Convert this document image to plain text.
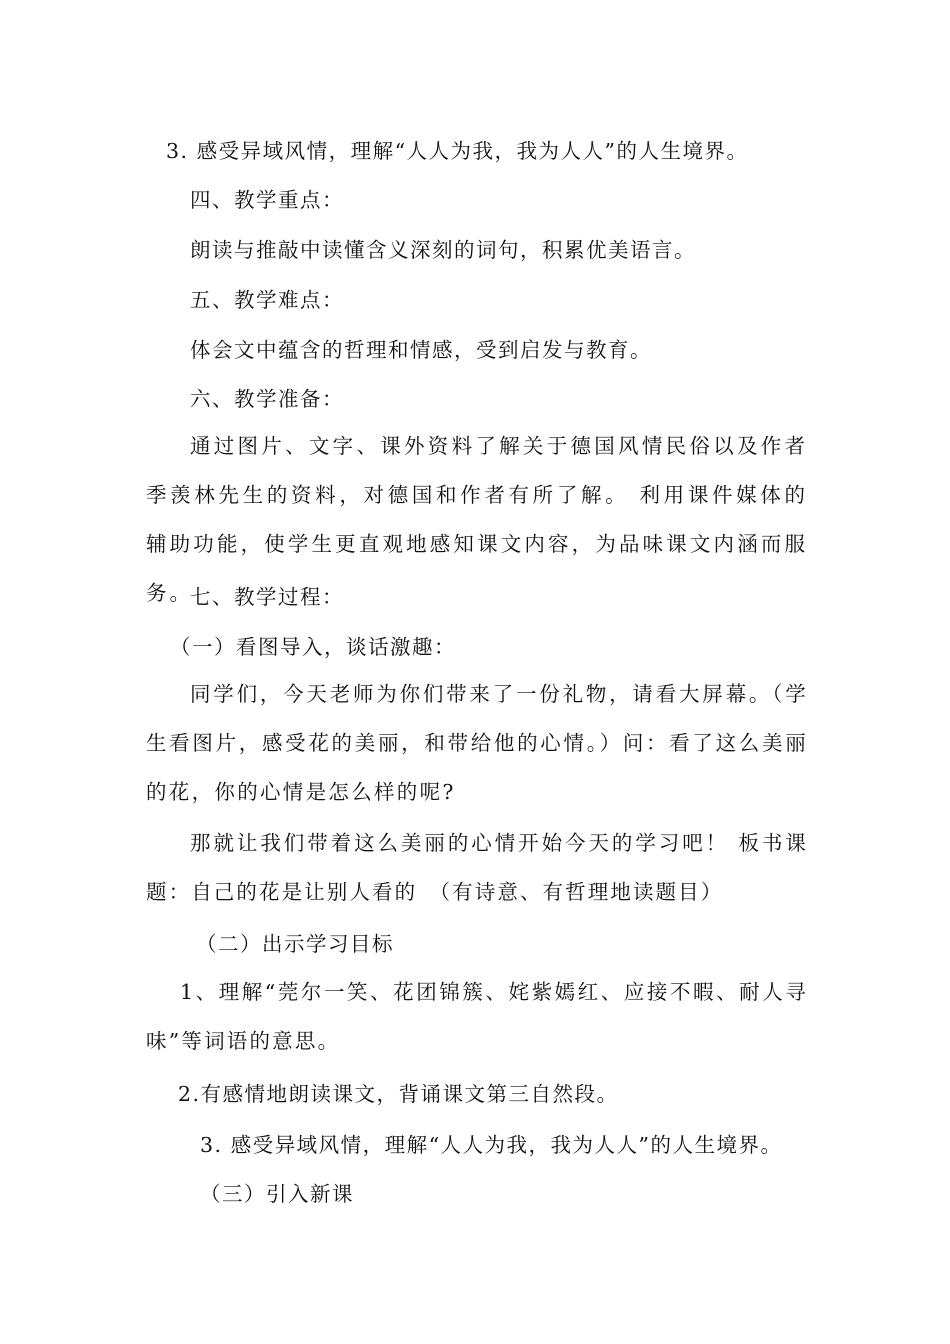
3. 感受异域风情，理解“人人为我，我为人人”的人生境界。
四、教学重点：
朗读与推敲中读懂含义深刻的词句，积累优美语言。
五、教学难点：
体会文中蕴含的哲理和情感，受到启发与教育。
六、教学准备：
通过图片、文字、课外资料了解关于德国风情民俗以及作者季羡林先生的资料，对德国和作者有所了解。 利用课件媒体的辅助功能，使学生更直观地感知课文内容，为品味课文内涵而服务。
七、教学过程：
（一）看图导入，谈话激趣：
同学们，今天老师为你们带来了一份礼物，请看大屏幕。（学生看图片，感受花的美丽，和带给他的心情。）问：看了这么美丽的花，你的心情是怎么样的呢?
那就让我们带着这么美丽的心情开始今天的学习吧！ 板书课题：自己的花是让别人看的　（有诗意、有哲理地读题目）
（二）出示学习目标
1、理解“莞尔一笑、花团锦簇、姹紫嫣红、应接不暇、耐人寻味”等词语的意思。
2.有感情地朗读课文，背诵课文第三自然段。
3. 感受异域风情，理解“人人为我，我为人人”的人生境界。
（三）引入新课
